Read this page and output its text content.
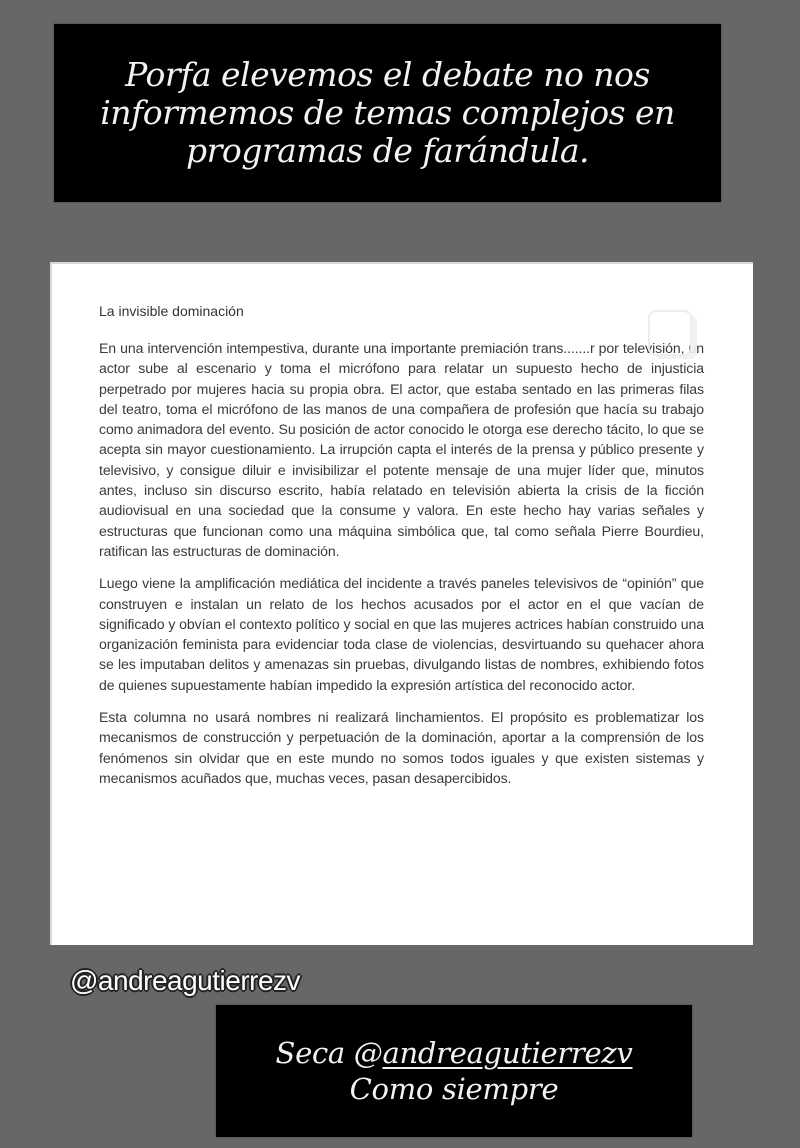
Porfa elevemos el debate no nos informemos de temas complejos en programas de farándula.
La invisible dominación

En una intervención intempestiva, durante una importante premiación trans.......r por televisión, un actor sube al escenario y toma el micrófono para relatar un supuesto hecho de injusticia perpetrado por mujeres hacia su propia obra. El actor, que estaba sentado en las primeras filas del teatro, toma el micrófono de las manos de una compañera de profesión que hacía su trabajo como animadora del evento. Su posición de actor conocido le otorga ese derecho tácito, lo que se acepta sin mayor cuestionamiento. La irrupción capta el interés de la prensa y público presente y televisivo, y consigue diluir e invisibilizar el potente mensaje de una mujer líder que, minutos antes, incluso sin discurso escrito, había relatado en televisión abierta la crisis de la ficción audiovisual en una sociedad que la consume y valora. En este hecho hay varias señales y estructuras que funcionan como una máquina simbólica que, tal como señala Pierre Bourdieu, ratifican las estructuras de dominación.

Luego viene la amplificación mediática del incidente a través paneles televisivos de “opinión” que construyen e instalan un relato de los hechos acusados por el actor en el que vacían de significado y obvían el contexto político y social en que las mujeres actrices habían construido una organización feminista para evidenciar toda clase de violencias, desvirtuando su quehacer ahora se les imputaban delitos y amenazas sin pruebas, divulgando listas de nombres, exhibiendo fotos de quienes supuestamente habían impedido la expresión artística del reconocido actor.

Esta columna no usará nombres ni realizará linchamientos. El propósito es problematizar los mecanismos de construcción y perpetuación de la dominación, aportar a la comprensión de los fenómenos sin olvidar que en este mundo no somos todos iguales y que existen sistemas y mecanismos acuñados que, muchas veces, pasan desapercibidos.

@andreagutierrezv
Seca @andreagutierrezv
Como siempre
